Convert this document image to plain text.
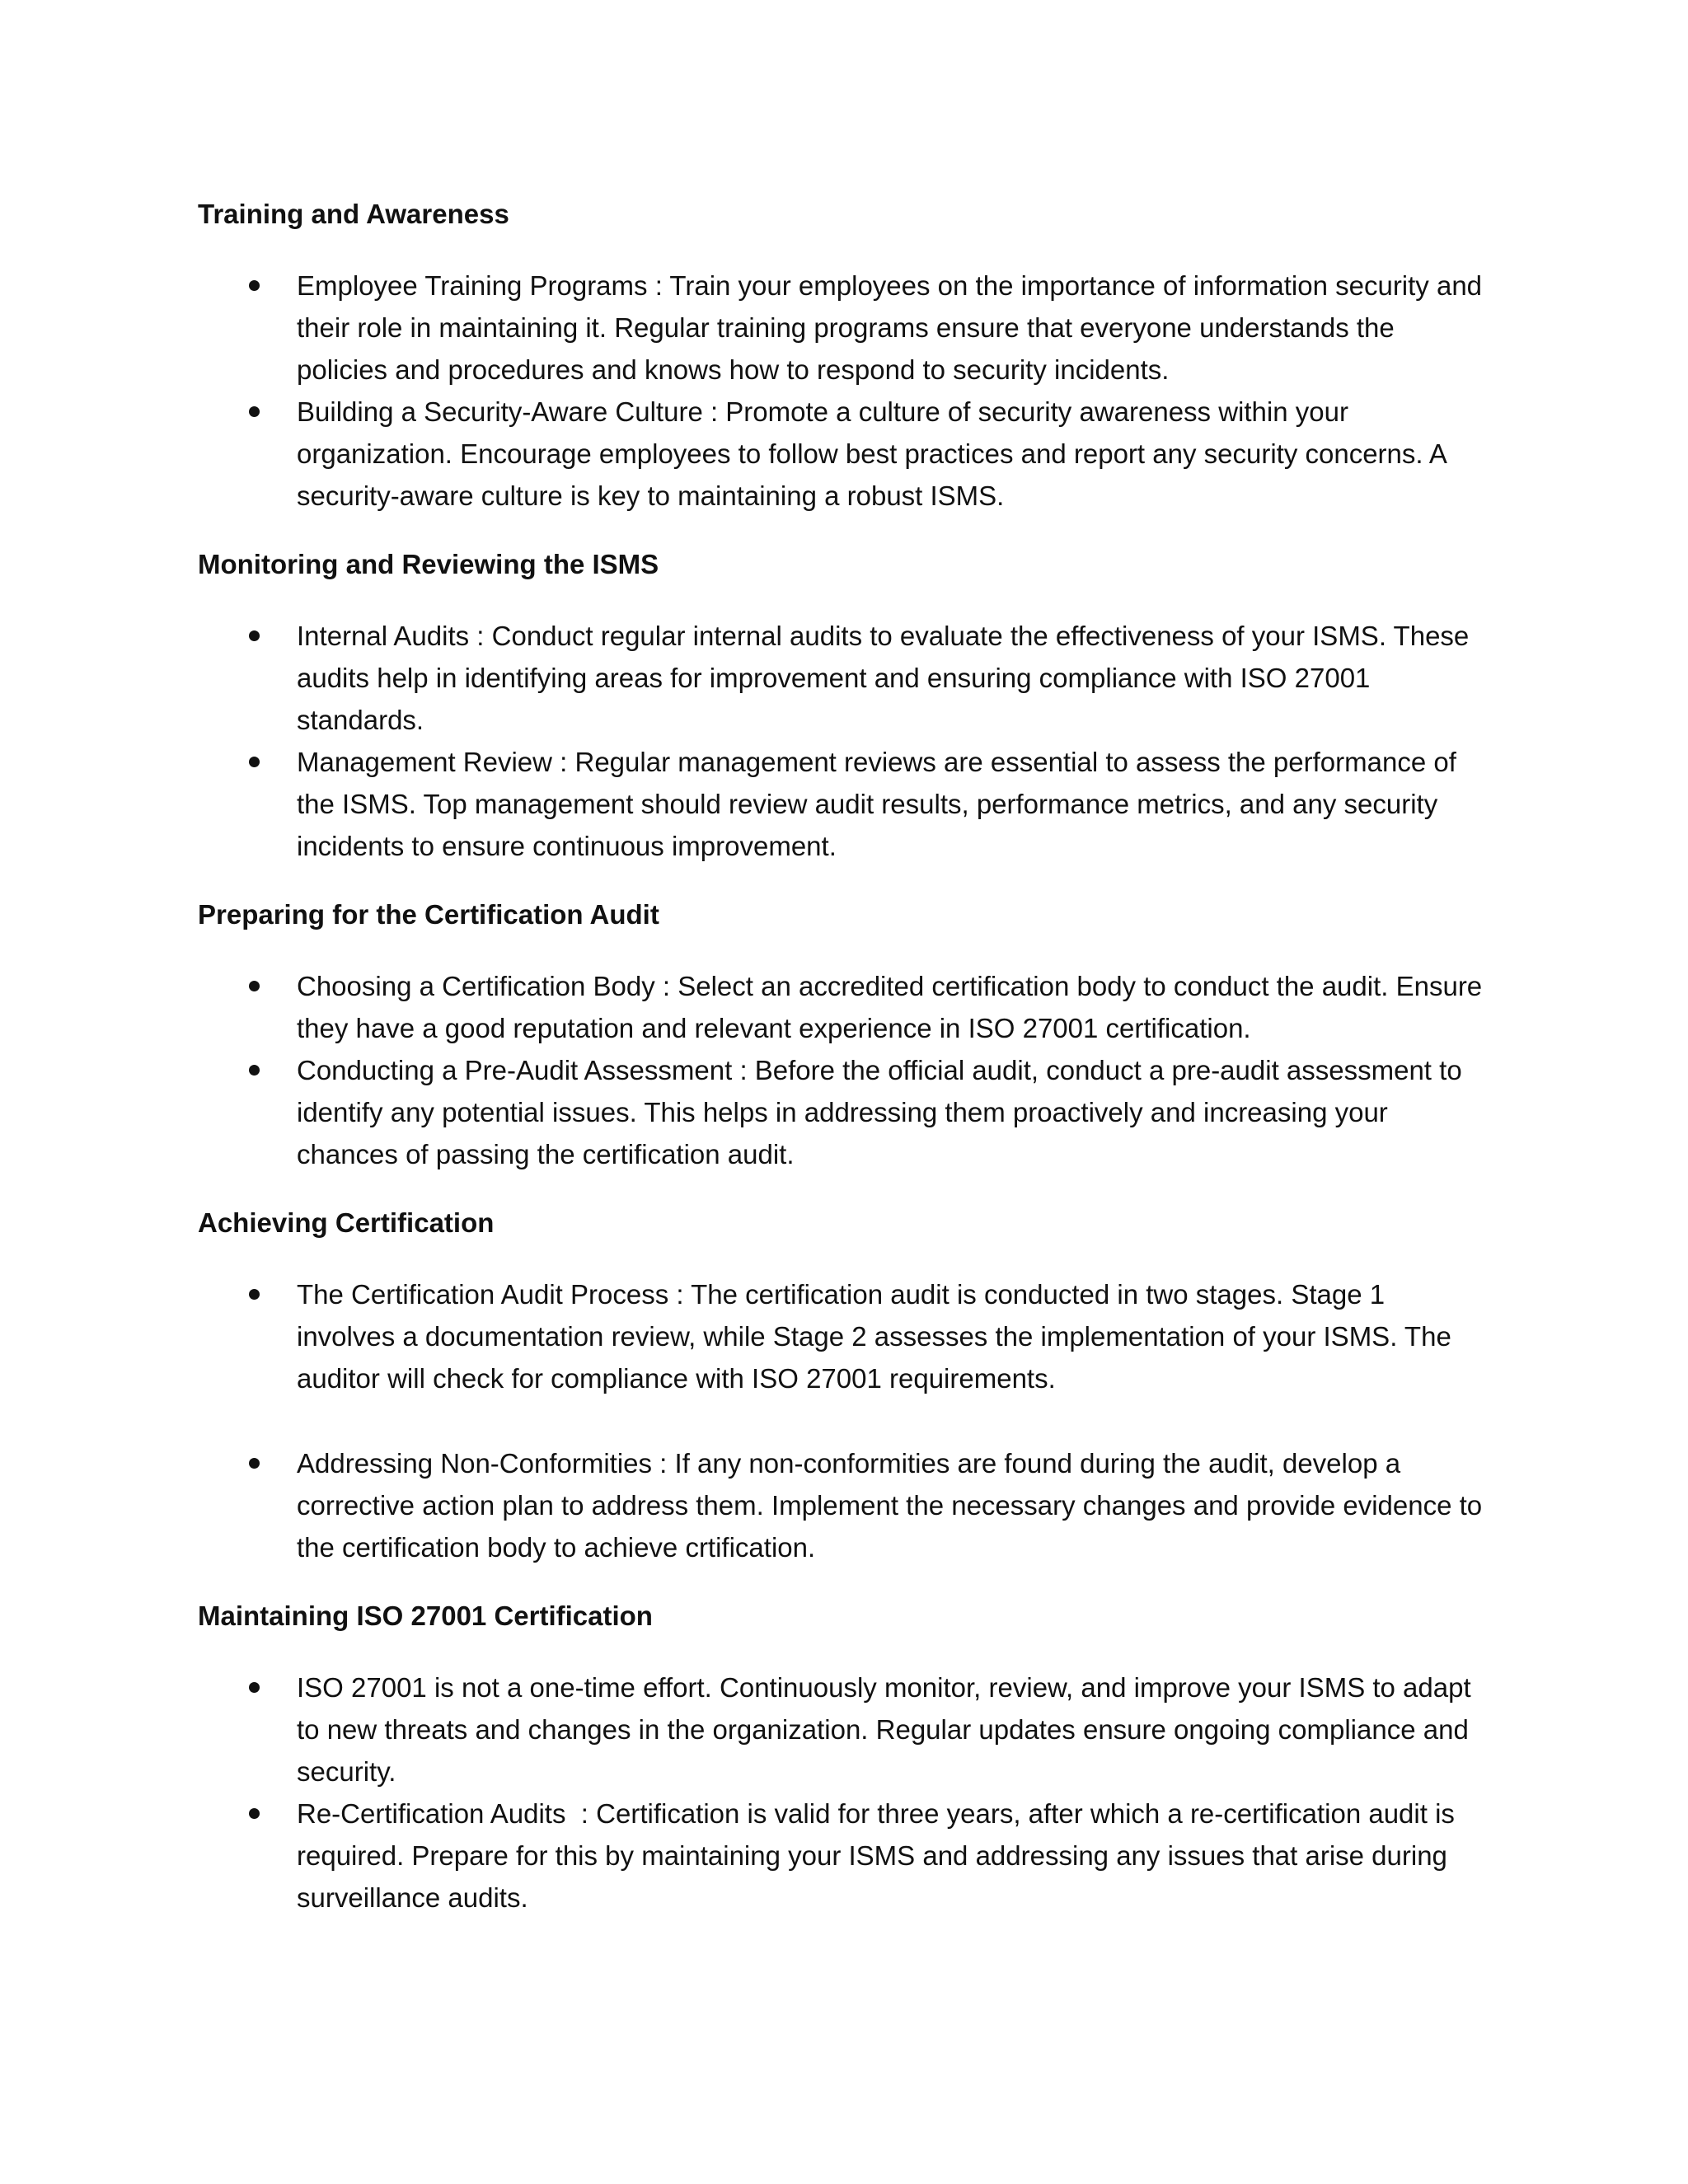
Training and Awareness
Employee Training Programs : Train your employees on the importance of information security and their role in maintaining it. Regular training programs ensure that everyone understands the policies and procedures and knows how to respond to security incidents.
Building a Security-Aware Culture : Promote a culture of security awareness within your organization. Encourage employees to follow best practices and report any security concerns. A security-aware culture is key to maintaining a robust ISMS.
Monitoring and Reviewing the ISMS
Internal Audits : Conduct regular internal audits to evaluate the effectiveness of your ISMS. These audits help in identifying areas for improvement and ensuring compliance with ISO 27001 standards.
Management Review : Regular management reviews are essential to assess the performance of the ISMS. Top management should review audit results, performance metrics, and any security incidents to ensure continuous improvement.
Preparing for the Certification Audit
Choosing a Certification Body : Select an accredited certification body to conduct the audit. Ensure they have a good reputation and relevant experience in ISO 27001 certification.
Conducting a Pre-Audit Assessment : Before the official audit, conduct a pre-audit assessment to identify any potential issues. This helps in addressing them proactively and increasing your chances of passing the certification audit.
Achieving Certification
The Certification Audit Process : The certification audit is conducted in two stages. Stage 1 involves a documentation review, while Stage 2 assesses the implementation of your ISMS. The auditor will check for compliance with ISO 27001 requirements.
Addressing Non-Conformities : If any non-conformities are found during the audit, develop a corrective action plan to address them. Implement the necessary changes and provide evidence to the certification body to achieve crtification.
Maintaining ISO 27001 Certification
ISO 27001 is not a one-time effort. Continuously monitor, review, and improve your ISMS to adapt to new threats and changes in the organization. Regular updates ensure ongoing compliance and security.
Re-Certification Audits  : Certification is valid for three years, after which a re-certification audit is required. Prepare for this by maintaining your ISMS and addressing any issues that arise during surveillance audits.
